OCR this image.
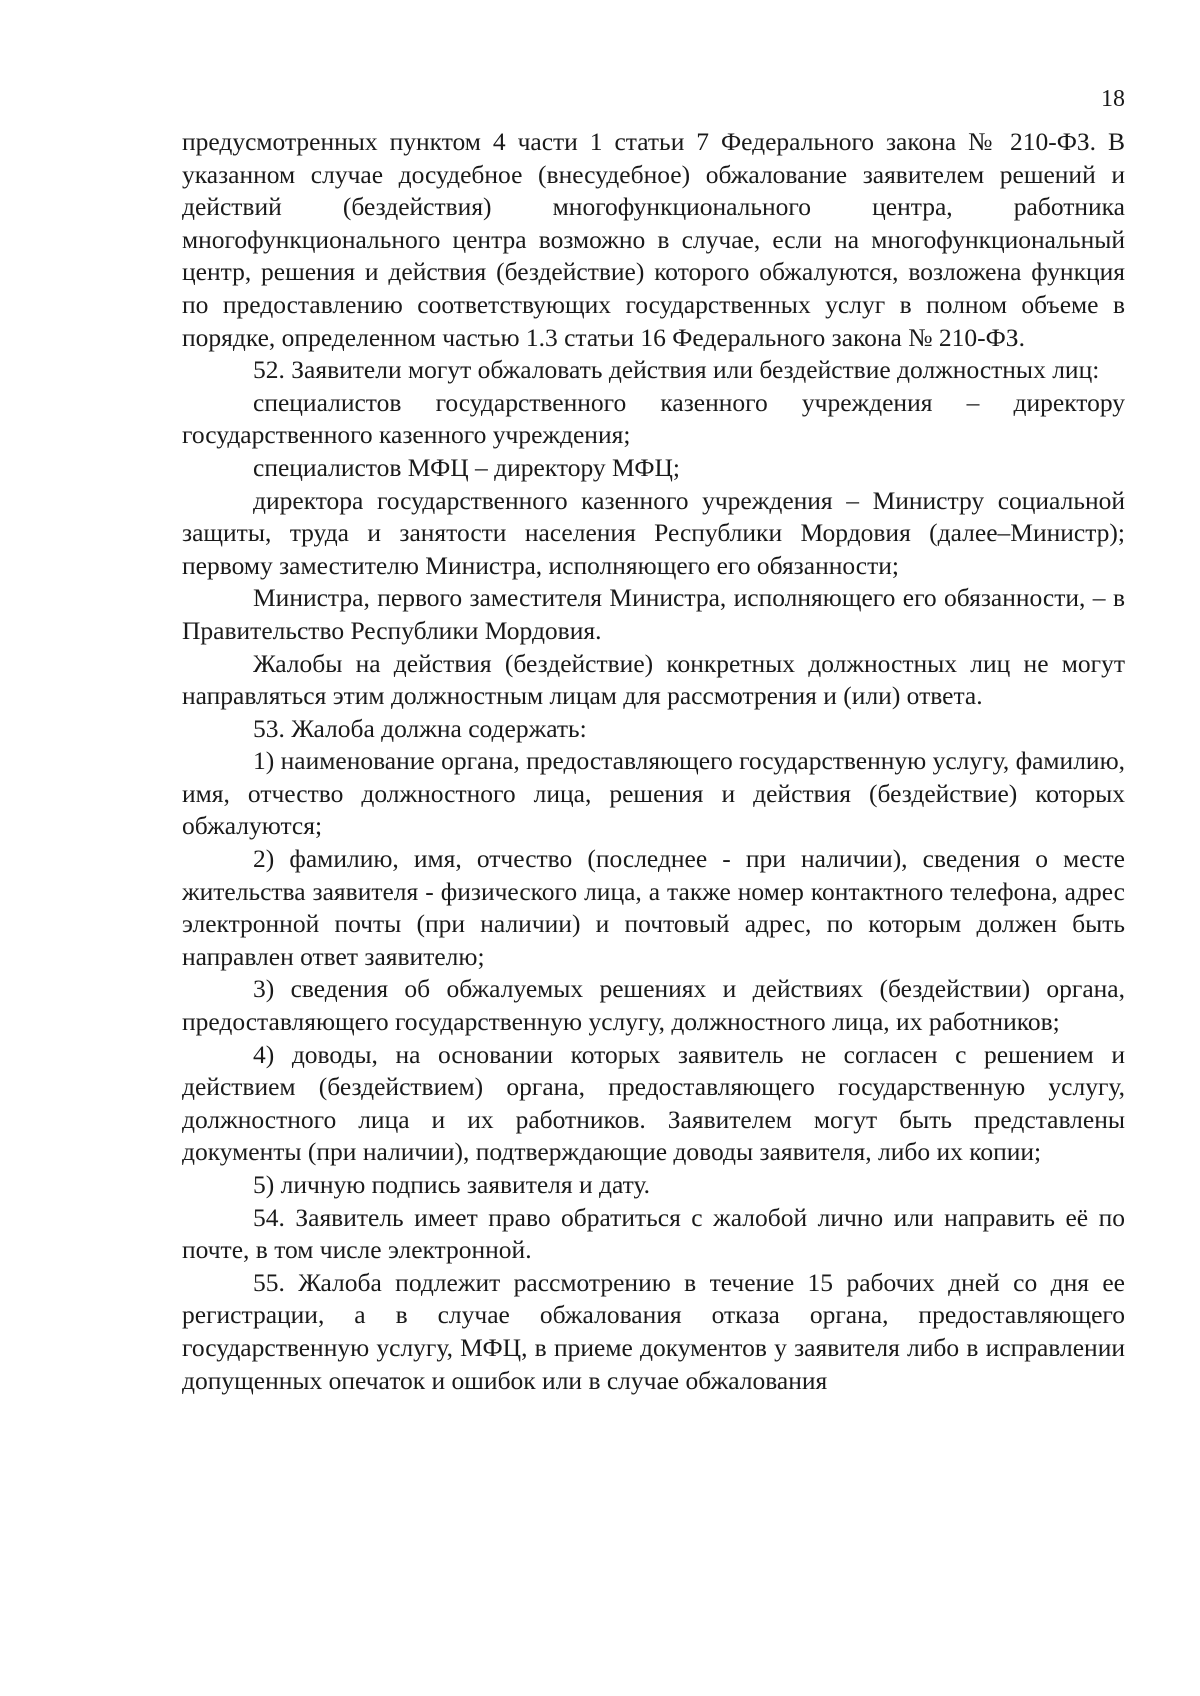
18

предусмотренных пунктом 4 части 1 статьи 7 Федерального закона № 210-ФЗ. В указанном случае досудебное (внесудебное) обжалование заявителем решений и действий (бездействия) многофункционального центра, работника многофункционального центра возможно в случае, если на многофункциональный центр, решения и действия (бездействие) которого обжалуются, возложена функция по предоставлению соответствующих государственных услуг в полном объеме в порядке, определенном частью 1.3 статьи 16 Федерального закона № 210-ФЗ.

52. Заявители могут обжаловать действия или бездействие должностных лиц:

специалистов государственного казенного учреждения – директору государственного казенного учреждения;

специалистов МФЦ – директору МФЦ;

директора государственного казенного учреждения – Министру социальной защиты, труда и занятости населения Республики Мордовия (далее–Министр); первому заместителю Министра, исполняющего его обязанности;

Министра, первого заместителя Министра, исполняющего его обязанности, – в Правительство Республики Мордовия.

Жалобы на действия (бездействие) конкретных должностных лиц не могут направляться этим должностным лицам для рассмотрения и (или) ответа.

53. Жалоба должна содержать:

1) наименование органа, предоставляющего государственную услугу, фамилию, имя, отчество должностного лица, решения и действия (бездействие) которых обжалуются;

2) фамилию, имя, отчество (последнее - при наличии), сведения о месте жительства заявителя - физического лица, а также номер контактного телефона, адрес электронной почты (при наличии) и почтовый адрес, по которым должен быть направлен ответ заявителю;

3) сведения об обжалуемых решениях и действиях (бездействии) органа, предоставляющего государственную услугу, должностного лица, их работников;

4) доводы, на основании которых заявитель не согласен с решением и действием (бездействием) органа, предоставляющего государственную услугу, должностного лица и их работников. Заявителем могут быть представлены документы (при наличии), подтверждающие доводы заявителя, либо их копии;

5) личную подпись заявителя и дату.

54. Заявитель имеет право обратиться с жалобой лично или направить её по почте, в том числе электронной.

55. Жалоба подлежит рассмотрению в течение 15 рабочих дней со дня ее регистрации, а в случае обжалования отказа органа, предоставляющего государственную услугу, МФЦ, в приеме документов у заявителя либо в исправлении допущенных опечаток и ошибок или в случае обжалования
